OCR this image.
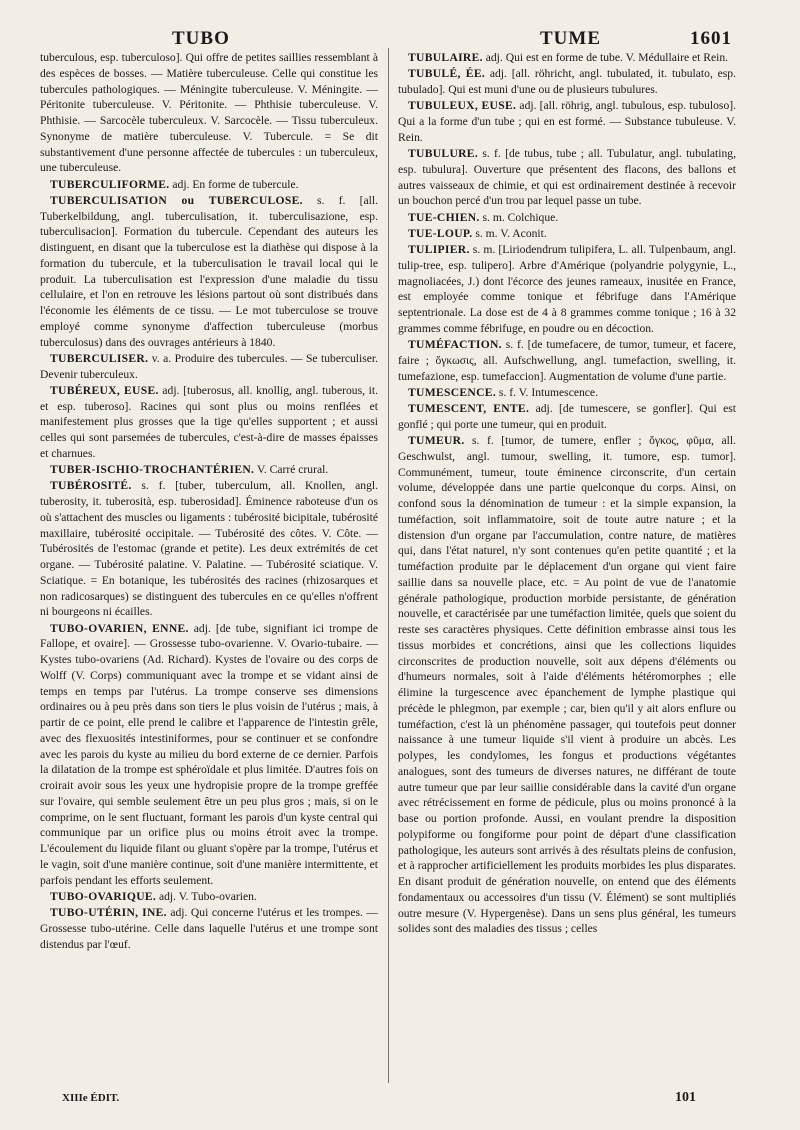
TUBO	TUME	1601

tuberculous, esp. tuberculoso]. Qui offre de petites saillies ressemblant à des espèces de bosses. — Matière tuberculeuse. Celle qui constitue les tubercules pathologiques. — Méningite tuberculeuse. V. Méningite. — Péritonite tuberculeuse. V. Péritonite. — Phthisie tuberculeuse. V. Phthisie. — Sarcocèle tuberculeux. V. Sarcocèle. — Tissu tuberculeux. Synonyme de matière tuberculeuse. V. Tubercule. = Se dit substantivement d'une personne affectée de tubercules : un tuberculeux, une tuberculeuse.

TUBERCULIFORME. adj. En forme de tubercule.

TUBERCULISATION ou TUBERCULOSE. s. f. [all. Tuberkelbildung, angl. tuberculisation, it. tuberculisazione, esp. tuberculisacion]. Formation du tubercule. Cependant des auteurs les distinguent, en disant que la tuberculose est la diathèse qui dispose à la formation du tubercule, et la tuberculisation le travail local qui le produit. La tuberculisation est l'expression d'une maladie du tissu cellulaire, et l'on en retrouve les lésions partout où sont distribués dans l'économie les éléments de ce tissu. — Le mot tuberculose se trouve employé comme synonyme d'affection tuberculeuse (morbus tuberculosus) dans des ouvrages antérieurs à 1840.

TUBERCULISER. v. a. Produire des tubercules. — Se tuberculiser. Devenir tuberculeux.

TUBÉREUX, EUSE. adj. [tuberosus, all. knollig, angl. tuberous, it. et esp. tuberoso]. Racines qui sont plus ou moins renflées et manifestement plus grosses que la tige qu'elles supportent ; et aussi celles qui sont parsemées de tubercules, c'est-à-dire de masses épaisses et charnues.

TUBER-ISCHIO-TROCHANTÉRIEN. V. Carré crural.

TUBÉROSITÉ. s. f. [tuber, tuberculum, all. Knollen, angl. tuberosity, it. tuberosità, esp. tuberosidad]. Éminence raboteuse d'un os où s'attachent des muscles ou ligaments : tubérosité bicipitale, tubérosité maxillaire, tubérosité occipitale. — Tubérosité des côtes. V. Côte. — Tubérosités de l'estomac (grande et petite). Les deux extrémités de cet organe. — Tubérosité palatine. V. Palatine. — Tubérosité sciatique. V. Sciatique. = En botanique, les tubérosités des racines (rhizosarques et non radicosarques) se distinguent des tubercules en ce qu'elles n'offrent ni bourgeons ni écailles.

TUBO-OVARIEN, ENNE. adj. [de tube, signifiant ici trompe de Fallope, et ovaire]. — Grossesse tubo-ovarienne. V. Ovario-tubaire. — Kystes tubo-ovariens (Ad. Richard). Kystes de l'ovaire ou des corps de Wolff (V. Corps) communiquant avec la trompe et se vidant ainsi de temps en temps par l'utérus. La trompe conserve ses dimensions ordinaires ou à peu près dans son tiers le plus voisin de l'utérus ; mais, à partir de ce point, elle prend le calibre et l'apparence de l'intestin grêle, avec des flexuosités intestiniformes, pour se continuer et se confondre avec les parois du kyste au milieu du bord externe de ce dernier. Parfois la dilatation de la trompe est sphéroïdale et plus limitée. D'autres fois on croirait avoir sous les yeux une hydropisie propre de la trompe greffée sur l'ovaire, qui semble seulement être un peu plus gros ; mais, si on le comprime, on le sent fluctuant, formant les parois d'un kyste central qui communique par un orifice plus ou moins étroit avec la trompe. L'écoulement du liquide filant ou gluant s'opère par la trompe, l'utérus et le vagin, soit d'une manière continue, soit d'une manière intermittente, et parfois pendant les efforts seulement.

TUBO-OVARIQUE. adj. V. Tubo-ovarien.

TUBO-UTÉRIN, INE. adj. Qui concerne l'utérus et les trompes. — Grossesse tubo-utérine. Celle dans laquelle l'utérus et une trompe sont distendus par l'œuf.

TUBULAIRE. adj. Qui est en forme de tube. V. Médullaire et Rein.

TUBULÉ, ÉE. adj. [all. röhricht, angl. tubulated, it. tubulato, esp. tubulado]. Qui est muni d'une ou de plusieurs tubulures.

TUBULEUX, EUSE. adj. [all. röhrig, angl. tubulous, esp. tubuloso]. Qui a la forme d'un tube ; qui en est formé. — Substance tubuleuse. V. Rein.

TUBULURE. s. f. [de tubus, tube ; all. Tubulatur, angl. tubulating, esp. tubulura]. Ouverture que présentent des flacons, des ballons et autres vaisseaux de chimie, et qui est ordinairement destinée à recevoir un bouchon percé d'un trou par lequel passe un tube.

TUE-CHIEN. s. m. Colchique.

TUE-LOUP. s. m. V. Aconit.

TULIPIER. s. m. [Liriodendrum tulipifera, L. all. Tulpenbaum, angl. tulip-tree, esp. tulipero]. Arbre d'Amérique (polyandrie polygynie, L., magnoliacées, J.) dont l'écorce des jeunes rameaux, inusitée en France, est employée comme tonique et fébrifuge dans l'Amérique septentrionale. La dose est de 4 à 8 grammes comme tonique ; 16 à 32 grammes comme fébrifuge, en poudre ou en décoction.

TUMÉFACTION. s. f. [de tumefacere, de tumor, tumeur, et facere, faire ; ὄγκωσις, all. Aufschwellung, angl. tumefaction, swelling, it. tumefazione, esp. tumefaccion]. Augmentation de volume d'une partie.

TUMESCENCE. s. f. V. Intumescence.

TUMESCENT, ENTE. adj. [de tumescere, se gonfler]. Qui est gonflé ; qui porte une tumeur, qui en produit.

TUMEUR. s. f. [tumor, de tumere, enfler ; ὄγκος, φῦμα, all. Geschwulst, angl. tumour, swelling, it. tumore, esp. tumor]. Communément, tumeur, toute éminence circonscrite, d'un certain volume, développée dans une partie quelconque du corps. Ainsi, on confond sous la dénomination de tumeur : et la simple expansion, la tuméfaction, soit inflammatoire, soit de toute autre nature ; et la distension d'un organe par l'accumulation, contre nature, de matières qui, dans l'état naturel, n'y sont contenues qu'en petite quantité ; et la tuméfaction produite par le déplacement d'un organe qui vient faire saillie dans sa nouvelle place, etc. = Au point de vue de l'anatomie générale pathologique, production morbide persistante, de génération nouvelle, et caractérisée par une tuméfaction limitée, quels que soient du reste ses caractères physiques. Cette définition embrasse ainsi tous les tissus morbides et concrétions, ainsi que les collections liquides circonscrites de production nouvelle, soit aux dépens d'éléments ou d'humeurs normales, soit à l'aide d'éléments hétéromorphes ; elle élimine la turgescence avec épanchement de lymphe plastique qui précède le phlegmon, par exemple ; car, bien qu'il y ait alors enflure ou tuméfaction, c'est là un phénomène passager, qui toutefois peut donner naissance à une tumeur liquide s'il vient à produire un abcès. Les polypes, les condylomes, les fongus et productions végétantes analogues, sont des tumeurs de diverses natures, ne différant de toute autre tumeur que par leur saillie considérable dans la cavité d'un organe avec rétrécissement en forme de pédicule, plus ou moins prononcé à la base ou portion profonde. Aussi, en voulant prendre la disposition polypiforme ou fongiforme pour point de départ d'une classification pathologique, les auteurs sont arrivés à des résultats pleins de confusion, et à rapprocher artificiellement les produits morbides les plus disparates. En disant produit de génération nouvelle, on entend que des éléments fondamentaux ou accessoires d'un tissu (V. Élément) se sont multipliés outre mesure (V. Hypergenèse). Dans un sens plus général, les tumeurs solides sont des maladies des tissus ; celles

XIIIe ÉDIT.	101
